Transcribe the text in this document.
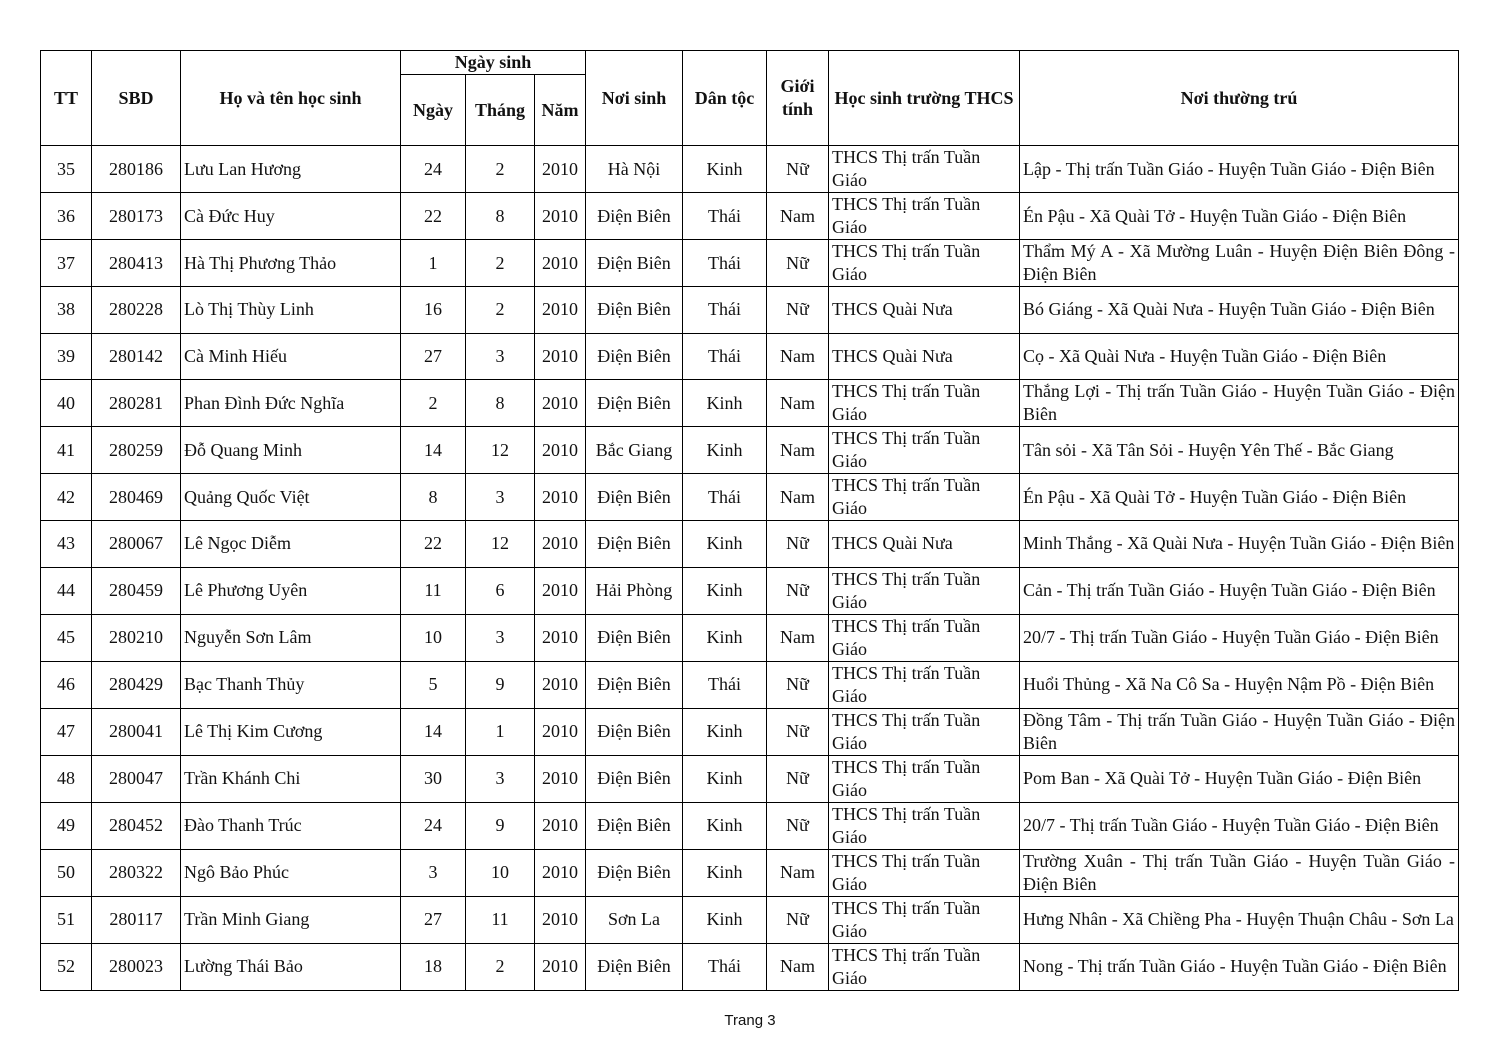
TT	SBD	Họ và tên học sinh	Ngày sinh			Nơi sinh	Dân tộc	Giới tính	Học sinh trường THCS	Nơi thường trú
			Ngày	Tháng	Năm					
35	280186	Lưu Lan Hương	24	2	2010	Hà Nội	Kinh	Nữ	THCS Thị trấn Tuần Giáo	Lập - Thị trấn Tuần Giáo - Huyện Tuần Giáo - Điện Biên
36	280173	Cà Đức Huy	22	8	2010	Điện Biên	Thái	Nam	THCS Thị trấn Tuần Giáo	Én Pậu - Xã Quài Tở - Huyện Tuần Giáo - Điện Biên
37	280413	Hà Thị Phương Thảo	1	2	2010	Điện Biên	Thái	Nữ	THCS Thị trấn Tuần Giáo	Thẩm Mý A - Xã Mường Luân - Huyện Điện Biên Đông - Điện Biên
38	280228	Lò Thị Thùy Linh	16	2	2010	Điện Biên	Thái	Nữ	THCS Quài Nưa	Bó Giáng - Xã Quài Nưa - Huyện Tuần Giáo - Điện Biên
39	280142	Cà Minh Hiếu	27	3	2010	Điện Biên	Thái	Nam	THCS Quài Nưa	Cọ - Xã Quài Nưa - Huyện Tuần Giáo - Điện Biên
40	280281	Phan Đình Đức Nghĩa	2	8	2010	Điện Biên	Kinh	Nam	THCS Thị trấn Tuần Giáo	Thắng Lợi - Thị trấn Tuần Giáo - Huyện Tuần Giáo - Điện Biên
41	280259	Đỗ Quang Minh	14	12	2010	Bắc Giang	Kinh	Nam	THCS Thị trấn Tuần Giáo	Tân sỏi - Xã Tân Sỏi - Huyện Yên Thế - Bắc Giang
42	280469	Quảng Quốc Việt	8	3	2010	Điện Biên	Thái	Nam	THCS Thị trấn Tuần Giáo	Én Pậu - Xã Quài Tở - Huyện Tuần Giáo - Điện Biên
43	280067	Lê Ngọc Diễm	22	12	2010	Điện Biên	Kinh	Nữ	THCS Quài Nưa	Minh Thắng - Xã Quài Nưa - Huyện Tuần Giáo - Điện Biên
44	280459	Lê Phương Uyên	11	6	2010	Hải Phòng	Kinh	Nữ	THCS Thị trấn Tuần Giáo	Cản - Thị trấn Tuần Giáo - Huyện Tuần Giáo - Điện Biên
45	280210	Nguyễn Sơn Lâm	10	3	2010	Điện Biên	Kinh	Nam	THCS Thị trấn Tuần Giáo	20/7 - Thị trấn Tuần Giáo - Huyện Tuần Giáo - Điện Biên
46	280429	Bạc Thanh Thủy	5	9	2010	Điện Biên	Thái	Nữ	THCS Thị trấn Tuần Giáo	Huổi Thủng - Xã Na Cô Sa - Huyện Nậm Pồ - Điện Biên
47	280041	Lê Thị Kim Cương	14	1	2010	Điện Biên	Kinh	Nữ	THCS Thị trấn Tuần Giáo	Đồng Tâm - Thị trấn Tuần Giáo - Huyện Tuần Giáo - Điện Biên
48	280047	Trần Khánh Chi	30	3	2010	Điện Biên	Kinh	Nữ	THCS Thị trấn Tuần Giáo	Pom Ban - Xã Quài Tở - Huyện Tuần Giáo - Điện Biên
49	280452	Đào Thanh Trúc	24	9	2010	Điện Biên	Kinh	Nữ	THCS Thị trấn Tuần Giáo	20/7 - Thị trấn Tuần Giáo - Huyện Tuần Giáo - Điện Biên
50	280322	Ngô Bảo Phúc	3	10	2010	Điện Biên	Kinh	Nam	THCS Thị trấn Tuần Giáo	Trường Xuân - Thị trấn Tuần Giáo - Huyện Tuần Giáo - Điện Biên
51	280117	Trần Minh Giang	27	11	2010	Sơn La	Kinh	Nữ	THCS Thị trấn Tuần Giáo	Hưng Nhân - Xã Chiềng Pha - Huyện Thuận Châu - Sơn La
52	280023	Lường Thái Bảo	18	2	2010	Điện Biên	Thái	Nam	THCS Thị trấn Tuần Giáo	Nong - Thị trấn Tuần Giáo - Huyện Tuần Giáo - Điện Biên
Trang 3
